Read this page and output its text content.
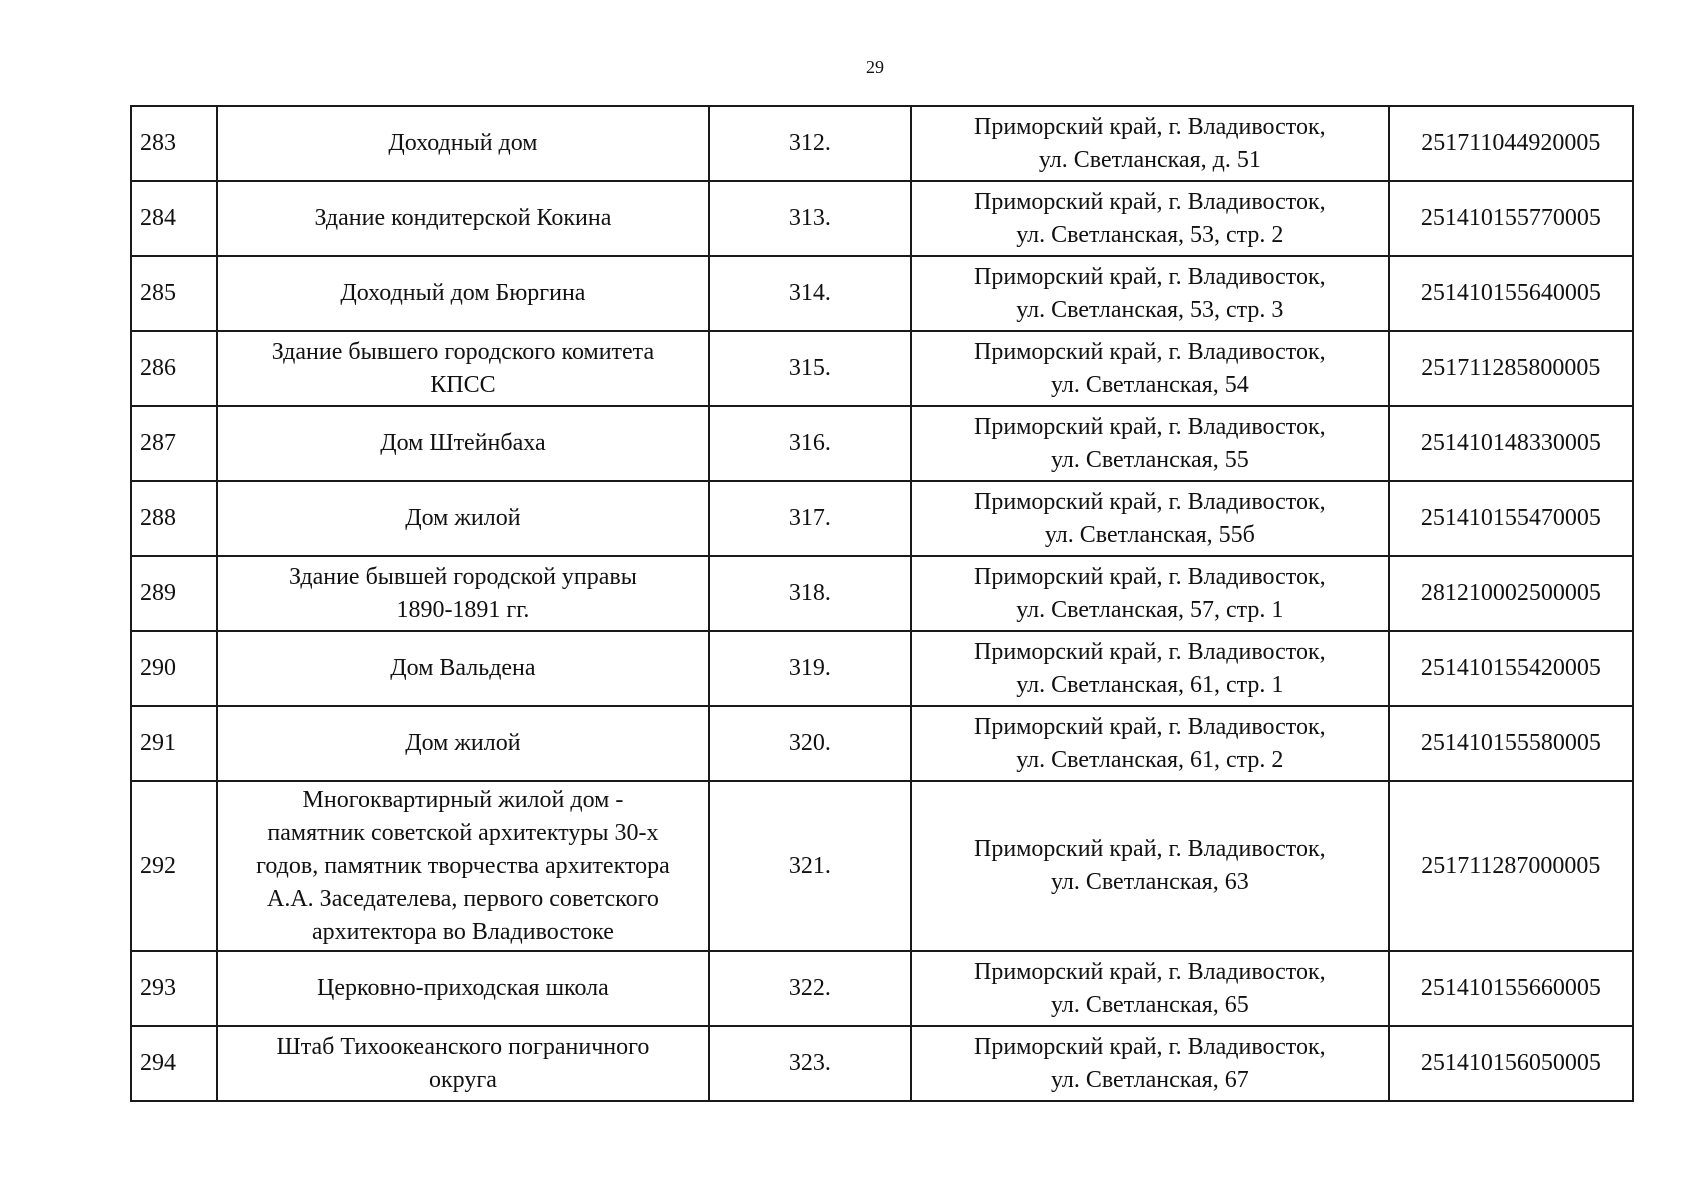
29
283	Доходный дом	312.	Приморский край, г. Владивосток,
ул. Светланская, д. 51	251711044920005
284	Здание кондитерской Кокина	313.	Приморский край, г. Владивосток,
ул. Светланская, 53, стр. 2	251410155770005
285	Доходный дом Бюргина	314.	Приморский край, г. Владивосток,
ул. Светланская, 53, стр. 3	251410155640005
286	Здание бывшего городского комитета
КПСС	315.	Приморский край, г. Владивосток,
ул. Светланская, 54	251711285800005
287	Дом Штейнбаха	316.	Приморский край, г. Владивосток,
ул. Светланская, 55	251410148330005
288	Дом жилой	317.	Приморский край, г. Владивосток,
ул. Светланская, 55б	251410155470005
289	Здание бывшей городской управы
1890-1891 гг.	318.	Приморский край, г. Владивосток,
ул. Светланская, 57, стр. 1	281210002500005
290	Дом Вальдена	319.	Приморский край, г. Владивосток,
ул. Светланская, 61, стр. 1	251410155420005
291	Дом жилой	320.	Приморский край, г. Владивосток,
ул. Светланская, 61, стр. 2	251410155580005
292	Многоквартирный жилой дом -
памятник советской архитектуры 30-х
годов, памятник творчества архитектора
А.А. Заседателева, первого советского
архитектора во Владивостоке	321.	Приморский край, г. Владивосток,
ул. Светланская, 63	251711287000005
293	Церковно-приходская школа	322.	Приморский край, г. Владивосток,
ул. Светланская, 65	251410155660005
294	Штаб Тихоокеанского пограничного
округа	323.	Приморский край, г. Владивосток,
ул. Светланская, 67	251410156050005
